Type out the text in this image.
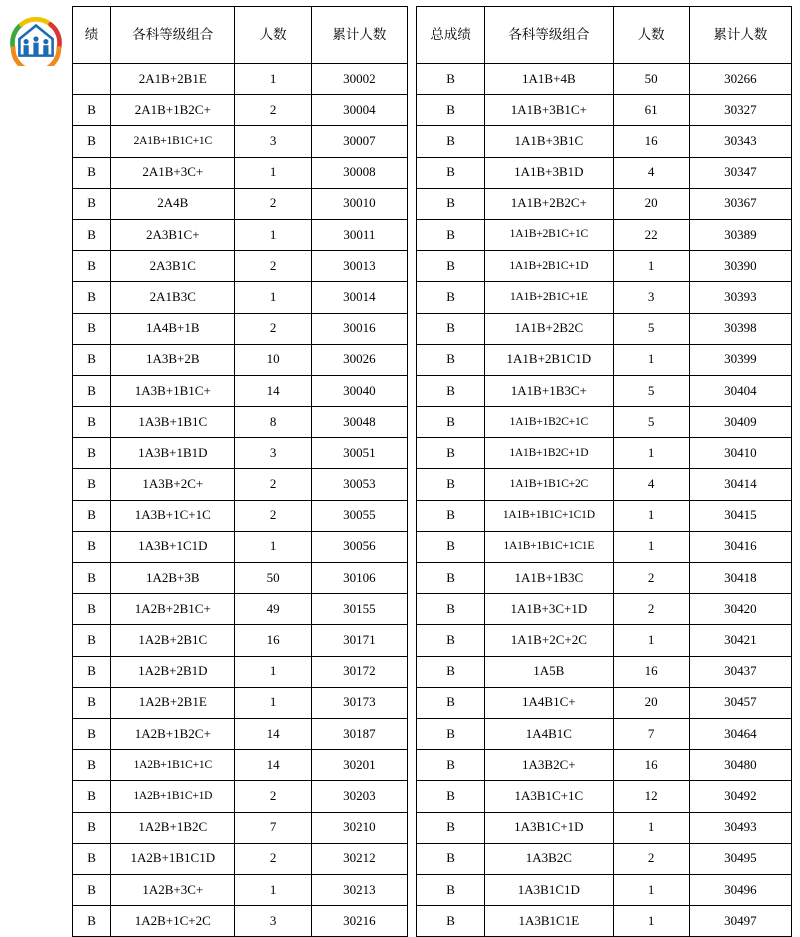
绩	各科等级组合	人数	累计人数
	2A1B+2B1E	1	30002
B	2A1B+1B2C+	2	30004
B	2A1B+1B1C+1C	3	30007
B	2A1B+3C+	1	30008
B	2A4B	2	30010
B	2A3B1C+	1	30011
B	2A3B1C	2	30013
B	2A1B3C	1	30014
B	1A4B+1B	2	30016
B	1A3B+2B	10	30026
B	1A3B+1B1C+	14	30040
B	1A3B+1B1C	8	30048
B	1A3B+1B1D	3	30051
B	1A3B+2C+	2	30053
B	1A3B+1C+1C	2	30055
B	1A3B+1C1D	1	30056
B	1A2B+3B	50	30106
B	1A2B+2B1C+	49	30155
B	1A2B+2B1C	16	30171
B	1A2B+2B1D	1	30172
B	1A2B+2B1E	1	30173
B	1A2B+1B2C+	14	30187
B	1A2B+1B1C+1C	14	30201
B	1A2B+1B1C+1D	2	30203
B	1A2B+1B2C	7	30210
B	1A2B+1B1C1D	2	30212
B	1A2B+3C+	1	30213
B	1A2B+1C+2C	3	30216
总成绩	各科等级组合	人数	累计人数
B	1A1B+4B	50	30266
B	1A1B+3B1C+	61	30327
B	1A1B+3B1C	16	30343
B	1A1B+3B1D	4	30347
B	1A1B+2B2C+	20	30367
B	1A1B+2B1C+1C	22	30389
B	1A1B+2B1C+1D	1	30390
B	1A1B+2B1C+1E	3	30393
B	1A1B+2B2C	5	30398
B	1A1B+2B1C1D	1	30399
B	1A1B+1B3C+	5	30404
B	1A1B+1B2C+1C	5	30409
B	1A1B+1B2C+1D	1	30410
B	1A1B+1B1C+2C	4	30414
B	1A1B+1B1C+1C1D	1	30415
B	1A1B+1B1C+1C1E	1	30416
B	1A1B+1B3C	2	30418
B	1A1B+3C+1D	2	30420
B	1A1B+2C+2C	1	30421
B	1A5B	16	30437
B	1A4B1C+	20	30457
B	1A4B1C	7	30464
B	1A3B2C+	16	30480
B	1A3B1C+1C	12	30492
B	1A3B1C+1D	1	30493
B	1A3B2C	2	30495
B	1A3B1C1D	1	30496
B	1A3B1C1E	1	30497
